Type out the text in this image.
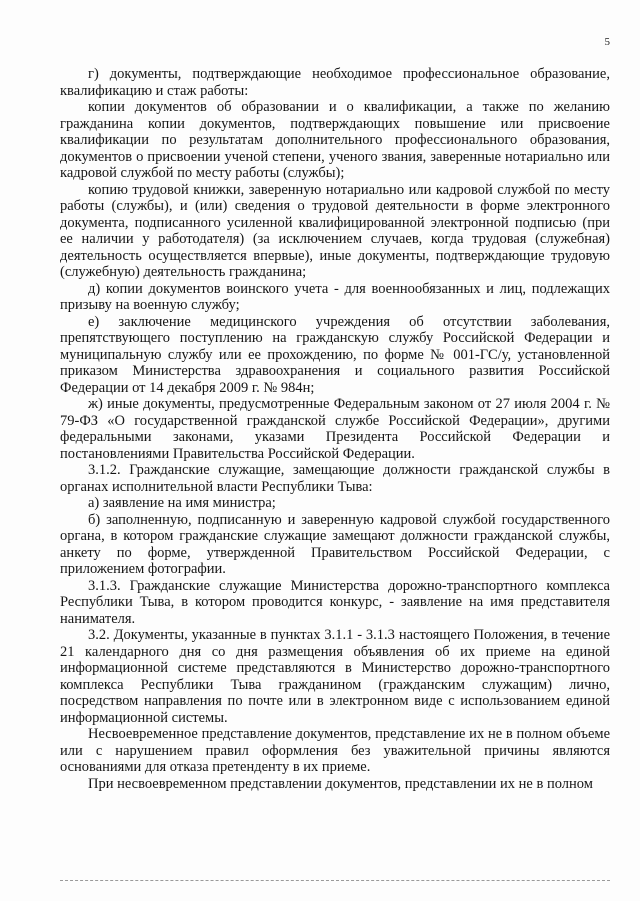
5

г) документы, подтверждающие необходимое профессиональное образование, квалификацию и стаж работы:

копии документов об образовании и о квалификации, а также по желанию гражданина копии документов, подтверждающих повышение или присвоение квалификации по результатам дополнительного профессионального образования, документов о присвоении ученой степени, ученого звания, заверенные нотариально или кадровой службой по месту работы (службы);

копию трудовой книжки, заверенную нотариально или кадровой службой по месту работы (службы), и (или) сведения о трудовой деятельности в форме электронного документа, подписанного усиленной квалифицированной электронной подписью (при ее наличии у работодателя) (за исключением случаев, когда трудовая (служебная) деятельность осуществляется впервые), иные документы, подтверждающие трудовую (служебную) деятельность гражданина;

д) копии документов воинского учета - для военнообязанных и лиц, подлежащих призыву на военную службу;

е) заключение медицинского учреждения об отсутствии заболевания, препятствующего поступлению на гражданскую службу Российской Федерации и муниципальную службу или ее прохождению, по форме № 001-ГС/у, установленной приказом Министерства здравоохранения и социального развития Российской Федерации от 14 декабря 2009 г. № 984н;

ж) иные документы, предусмотренные Федеральным законом от 27 июля 2004 г. № 79-ФЗ «О государственной гражданской службе Российской Федерации», другими федеральными законами, указами Президента Российской Федерации и постановлениями Правительства Российской Федерации.

3.1.2. Гражданские служащие, замещающие должности гражданской службы в органах исполнительной власти Республики Тыва:

а) заявление на имя министра;

б) заполненную, подписанную и заверенную кадровой службой государственного органа, в котором гражданские служащие замещают должности гражданской службы, анкету по форме, утвержденной Правительством Российской Федерации, с приложением фотографии.

3.1.3. Гражданские служащие Министерства дорожно-транспортного комплекса Республики Тыва, в котором проводится конкурс, - заявление на имя представителя нанимателя.

3.2. Документы, указанные в пунктах 3.1.1 - 3.1.3 настоящего Положения, в течение 21 календарного дня со дня размещения объявления об их приеме на единой информационной системе представляются в Министерство дорожно-транспортного комплекса Республики Тыва гражданином (гражданским служащим) лично, посредством направления по почте или в электронном виде с использованием единой информационной системы.

Несвоевременное представление документов, представление их не в полном объеме или с нарушением правил оформления без уважительной причины являются основаниями для отказа претенденту в их приеме.

При несвоевременном представлении документов, представлении их не в полном
